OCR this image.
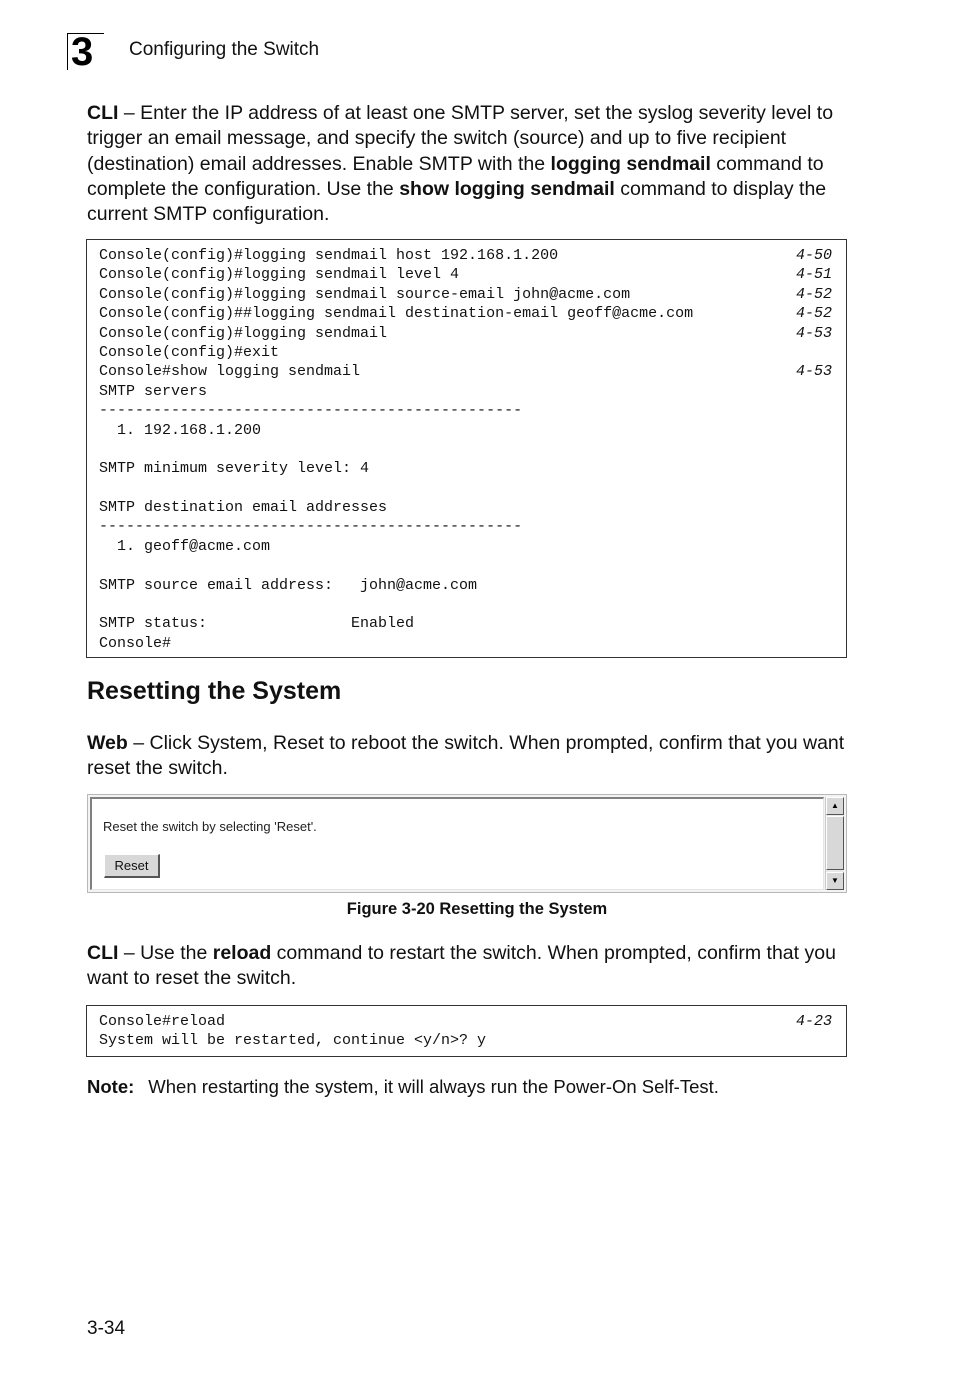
3 Configuring the Switch
CLI – Enter the IP address of at least one SMTP server, set the syslog severity level to trigger an email message, and specify the switch (source) and up to five recipient (destination) email addresses. Enable SMTP with the logging sendmail command to complete the configuration. Use the show logging sendmail command to display the current SMTP configuration.
Console(config)#logging sendmail host 192.168.1.200	4-50
Console(config)#logging sendmail level 4	4-51
Console(config)#logging sendmail source-email john@acme.com	4-52
Console(config)##logging sendmail destination-email geoff@acme.com	4-52
Console(config)#logging sendmail	4-53
Console(config)#exit
Console#show logging sendmail	4-53
SMTP servers
-----------------------------------------------
1. 192.168.1.200
SMTP minimum severity level: 4
SMTP destination email addresses
-----------------------------------------------
1. geoff@acme.com
SMTP source email address:   john@acme.com
SMTP status:                Enabled
Console#
Resetting the System
Web – Click System, Reset to reboot the switch. When prompted, confirm that you want reset the switch.
Reset the switch by selecting 'Reset'.
Reset
▲
▼
Figure 3-20 Resetting the System
CLI – Use the reload command to restart the switch. When prompted, confirm that you want to reset the switch.
Console#reload	4-23
System will be restarted, continue <y/n>? y
Note: When restarting the system, it will always run the Power-On Self-Test.
3-34
